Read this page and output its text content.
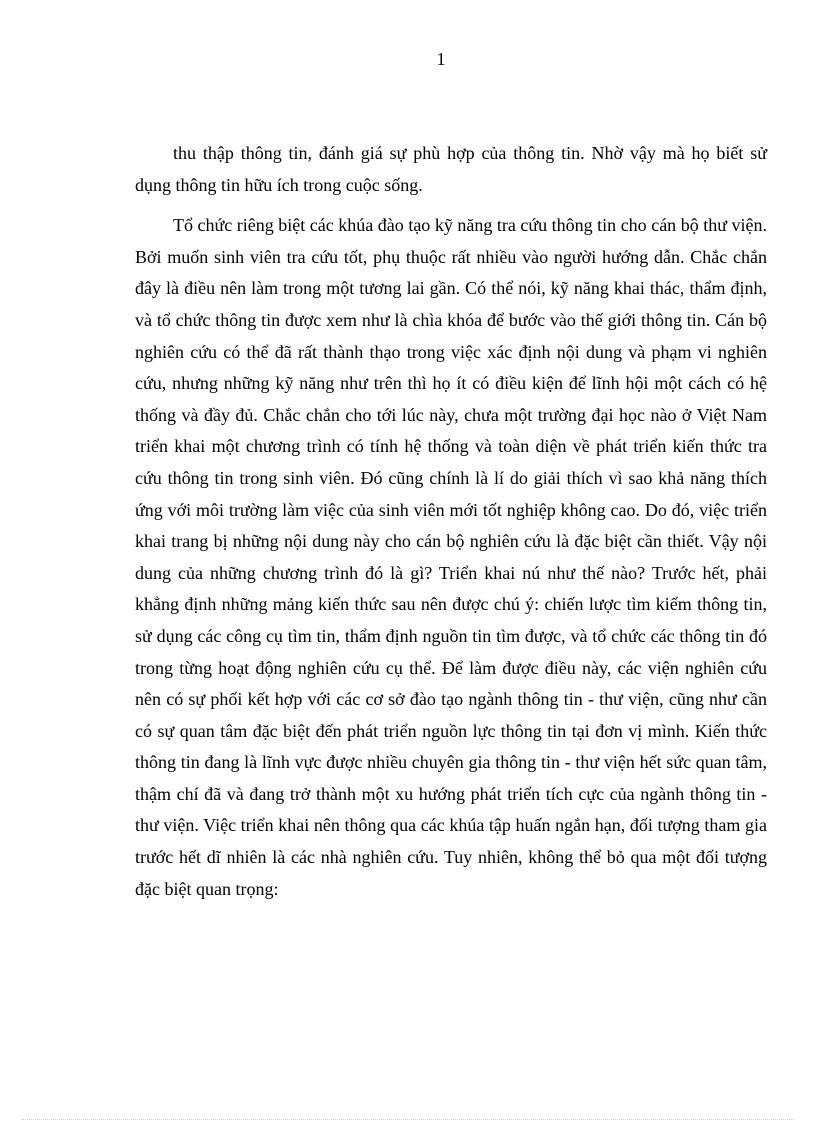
1

thu thập thông tin, đánh giá sự phù hợp của thông tin. Nhờ vậy mà họ biết sử dụng thông tin hữu ích trong cuộc sống.

Tổ chức riêng biệt các khúa đào tạo kỹ năng tra cứu thông tin cho cán bộ thư viện. Bởi muốn sinh viên tra cứu tốt, phụ thuộc rất nhiều vào người hướng dẫn. Chắc chắn đây là điều nên làm trong một tương lai gần. Có thể nói, kỹ năng khai thác, thẩm định, và tổ chức thông tin được xem như là chìa khóa để bước vào thế giới thông tin. Cán bộ nghiên cứu có thể đã rất thành thạo trong việc xác định nội dung và phạm vi nghiên cứu, nhưng những kỹ năng như trên thì họ ít có điều kiện để lĩnh hội một cách có hệ thống và đầy đủ. Chắc chắn cho tới lúc này, chưa một trường đại học nào ở Việt Nam triển khai một chương trình có tính hệ thống và toàn diện về phát triển kiến thức tra cứu thông tin trong sinh viên. Đó cũng chính là lí do giải thích vì sao khả năng thích ứng với môi trường làm việc của sinh viên mới tốt nghiệp không cao. Do đó, việc triển khai trang bị những nội dung này cho cán bộ nghiên cứu là đặc biệt cần thiết. Vậy nội dung của những chương trình đó là gì? Triển khai nú như thế nào? Trước hết, phải khẳng định những mảng kiến thức sau nên được chú ý: chiến lược tìm kiếm thông tin, sử dụng các công cụ tìm tin, thẩm định nguồn tin tìm được, và tổ chức các thông tin đó trong từng hoạt động nghiên cứu cụ thể. Để làm được điều này, các viện nghiên cứu nên có sự phối kết hợp với các cơ sở đào tạo ngành thông tin - thư viện, cũng như cần có sự quan tâm đặc biệt đến phát triển nguồn lực thông tin tại đơn vị mình. Kiến thức thông tin đang là lĩnh vực được nhiều chuyên gia thông tin - thư viện hết sức quan tâm, thậm chí đã và đang trở thành một xu hướng phát triển tích cực của ngành thông tin - thư viện. Việc triển khai nên thông qua các khúa tập huấn ngắn hạn, đối tượng tham gia trước hết dĩ nhiên là các nhà nghiên cứu. Tuy nhiên, không thể bỏ qua một đối tượng đặc biệt quan trọng:
